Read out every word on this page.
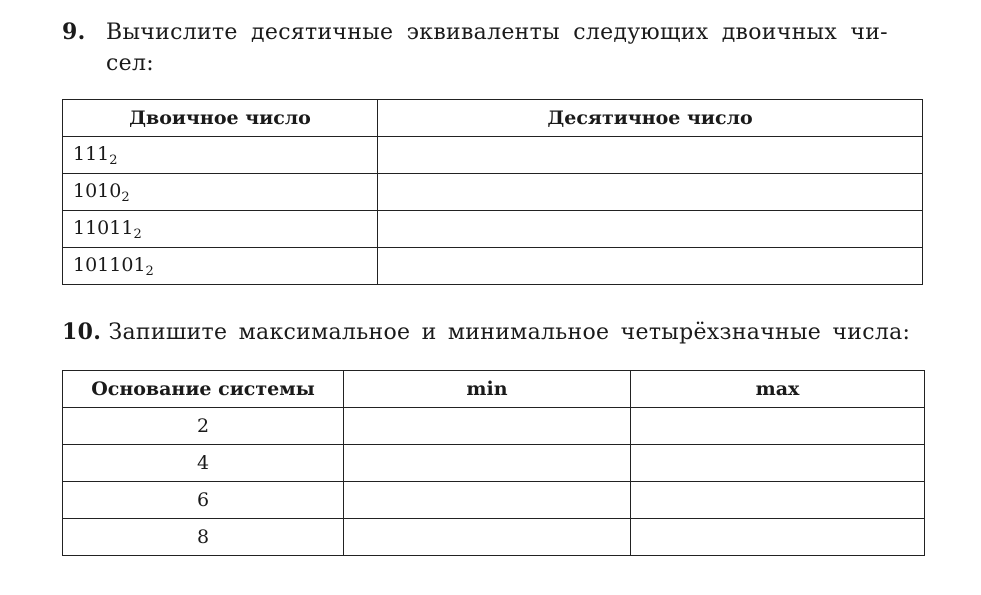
9. Вычислите десятичные эквиваленты следующих двоичных чи-
сел:
Двоичное число	Десятичное число
$111_2$	
$1010_2$	
$11011_2$	
$101101_2$	
10. Запишите максимальное и минимальное четырёхзначные числа:
Основание системы	min	max
2		
4		
6		
8		
